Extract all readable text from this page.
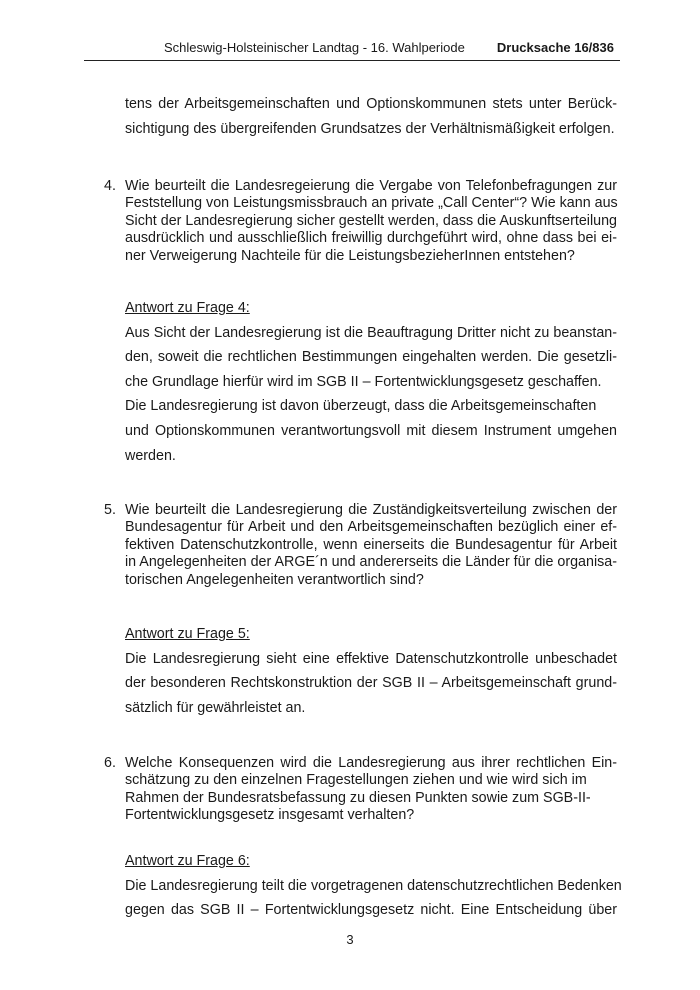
Schleswig-Holsteinischer Landtag - 16. Wahlperiode Drucksache 16/836
tens der Arbeitsgemeinschaften und Optionskommunen stets unter Berück-
sichtigung des übergreifenden Grundsatzes der Verhältnismäßigkeit erfolgen.
4. Wie beurteilt die Landesregeierung die Vergabe von Telefonbefragungen zur
Feststellung von Leistungsmissbrauch an private „Call Center“? Wie kann aus
Sicht der Landesregierung sicher gestellt werden, dass die Auskunftserteilung
ausdrücklich und ausschließlich freiwillig durchgeführt wird, ohne dass bei ei-
ner Verweigerung Nachteile für die LeistungsbezieherInnen entstehen?
Antwort zu Frage 4:
Aus Sicht der Landesregierung ist die Beauftragung Dritter nicht zu beanstan-
den, soweit die rechtlichen Bestimmungen eingehalten werden. Die gesetzli-
che Grundlage hierfür wird im SGB II – Fortentwicklungsgesetz geschaffen.
Die Landesregierung ist davon überzeugt, dass die Arbeitsgemeinschaften
und Optionskommunen verantwortungsvoll mit diesem Instrument umgehen
werden.
5. Wie beurteilt die Landesregierung die Zuständigkeitsverteilung zwischen der
Bundesagentur für Arbeit und den Arbeitsgemeinschaften bezüglich einer ef-
fektiven Datenschutzkontrolle, wenn einerseits die Bundesagentur für Arbeit
in Angelegenheiten der ARGE´n und andererseits die Länder für die organisa-
torischen Angelegenheiten verantwortlich sind?
Antwort zu Frage 5:
Die Landesregierung sieht eine effektive Datenschutzkontrolle unbeschadet
der besonderen Rechtskonstruktion der SGB II – Arbeitsgemeinschaft grund-
sätzlich für gewährleistet an.
6. Welche Konsequenzen wird die Landesregierung aus ihrer rechtlichen Ein-
schätzung zu den einzelnen Fragestellungen ziehen und wie wird sich im
Rahmen der Bundesratsbefassung zu diesen Punkten sowie zum SGB-II-
Fortentwicklungsgesetz insgesamt verhalten?
Antwort zu Frage 6:
Die Landesregierung teilt die vorgetragenen datenschutzrechtlichen Bedenken
gegen das SGB II – Fortentwicklungsgesetz nicht. Eine Entscheidung über
3
